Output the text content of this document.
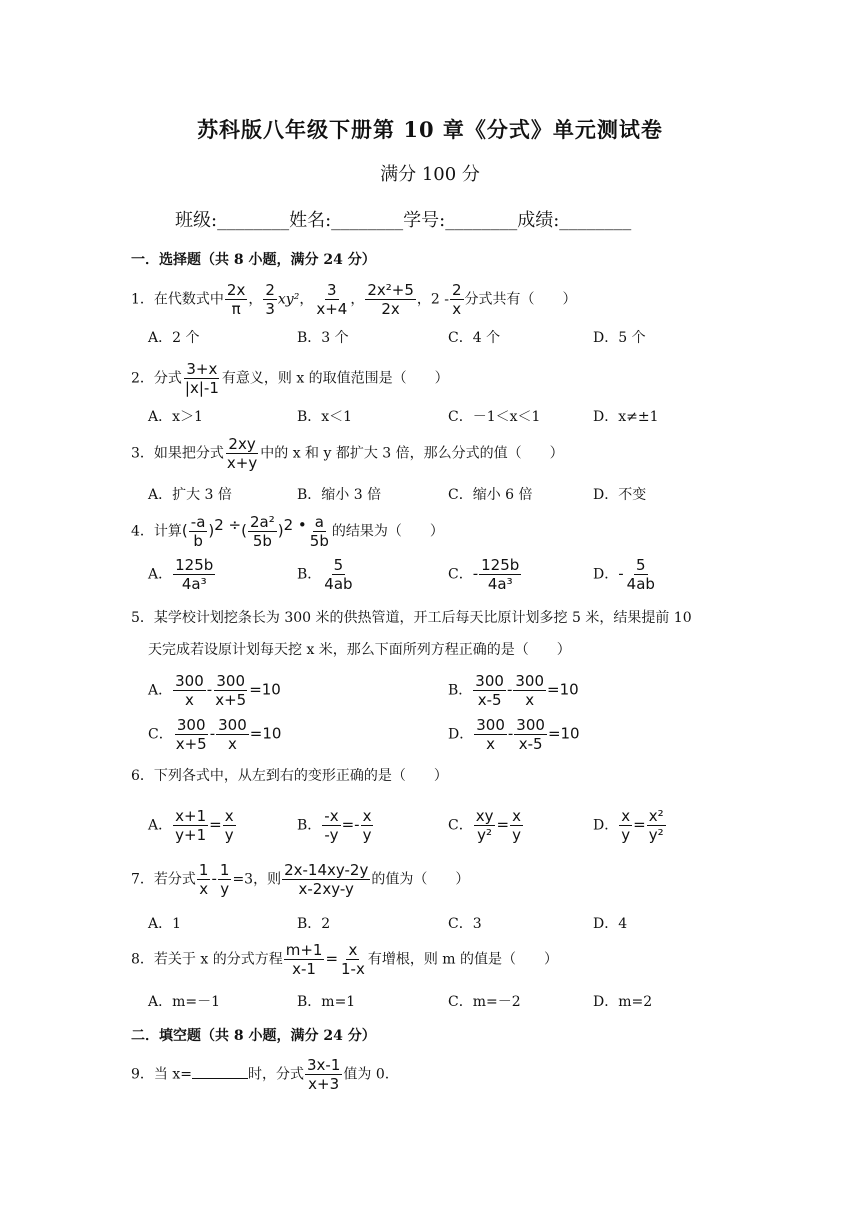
苏科版八年级下册第 10 章《分式》单元测试卷
满分 100 分
班级:________姓名:________学号:________成绩:________
一．选择题（共 8 小题，满分 24 分）
1．在代数式中 $\frac{2x}{\pi}$ ， $\frac{2}{3} xy^2$， $\frac{3}{x+4}$ ， $\frac{\text{2x²+5}}{2x}$ ，$2 - \frac{2}{x}$ 分式共有（　　）
A．2 个	B．3 个	C．4 个	D．5 个
2．分式 $\frac{3+x}{|x|-1}$ 有意义，则 x 的取值范围是（　　）
A．x＞1	B．x＜1	C．－1＜x＜1	D．x≠±1
3．如果把分式 $\frac{2xy}{x+y}$ 中的 x 和 y 都扩大 3 倍，那么分式的值（　　）
A．扩大 3 倍	B．缩小 3 倍	C．缩小 6 倍	D．不变
4．计算( $\frac{-a}{b} )^{2 \div}( \frac{\text{2a²}}{5b} )^{2 •} \frac{a}{5b}$ 的结果为（　　）
A． $\frac{125b}{\text{4a³}}$	B． $\frac{5}{4ab}$	C．- $\frac{125b}{\text{4a³}}$	D．- $\frac{5}{4ab}$
5．某学校计划挖条长为 300 米的供热管道，开工后每天比原计划多挖 5 米，结果提前 10
天完成若设原计划每天挖 x 米，那么下面所列方程正确的是（　　）
A． $\frac{300}{x} - \frac{300}{x+5} =10$	B． $\frac{300}{x-5} - \frac{300}{x} =10$
C． $\frac{300}{x+5} - \frac{300}{x} =10$	D． $\frac{300}{x} - \frac{300}{x-5} =10$
6．下列各式中，从左到右的变形正确的是（　　）
A． $\frac{x+1}{y+1} = \frac{x}{y}$	B． $\frac{-x}{-y} =- \frac{x}{y}$	C． $\frac{xy}{\text{y²}} = \frac{x}{y}$	D． $\frac{x}{y} = \frac{\text{x²}}{\text{y²}}$
7．若分式 $\frac{1}{x} - \frac{1}{y} =3$，则 $\frac{2x-14xy-2y}{x-2xy-y}$ 的值为（　　）
A．1	B．2	C．3	D．4
8．若关于 x 的分式方程 $\frac{m+1}{x-1} = \frac{x}{1-x}$ 有增根，则 m 的值是（　　）
A．m=－1	B．m=1	C．m=－2	D．m=2
二．填空题（共 8 小题，满分 24 分）
9．当 x=	时，分式 $\frac{3x-1}{x+3}$ 值为 0.
